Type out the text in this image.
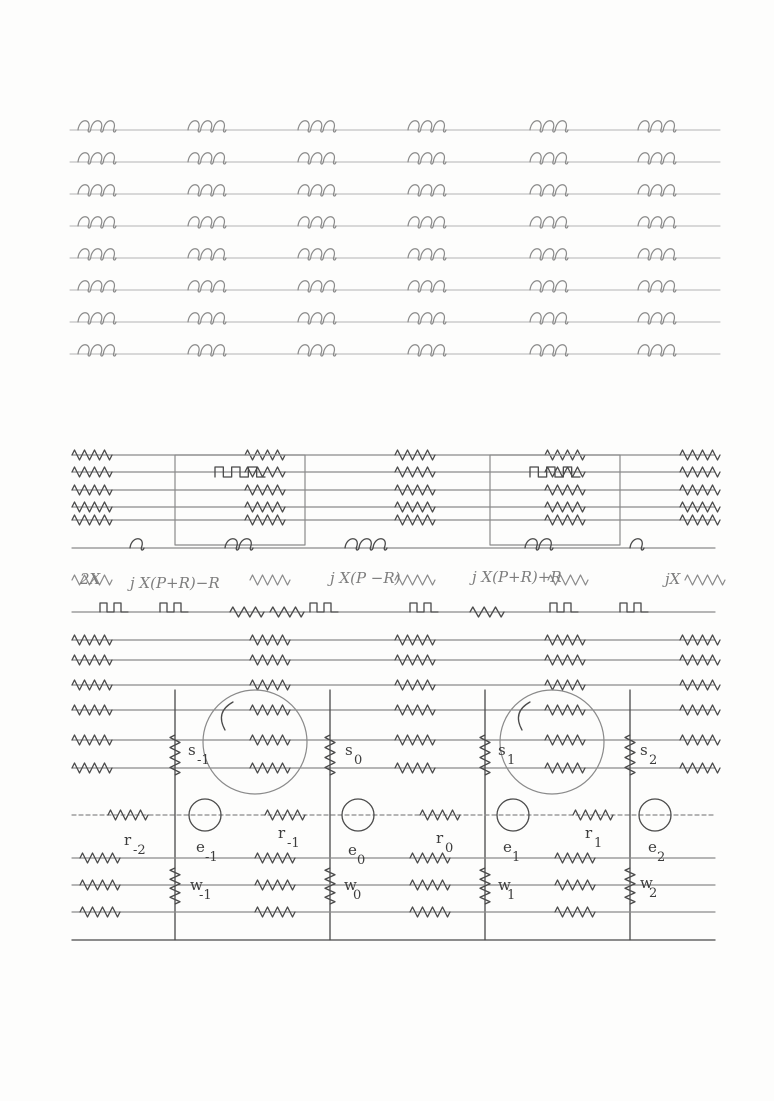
j X(P+R)−R	j X(P −R)	j X(P+R)+R
2X	jX
s
-1
s
0
s
1
s
2
r
-2
r
-1	r
0
r
1
e
-1	e
0
e
1
e
2
w
-1
w
0
w
1
w
2
